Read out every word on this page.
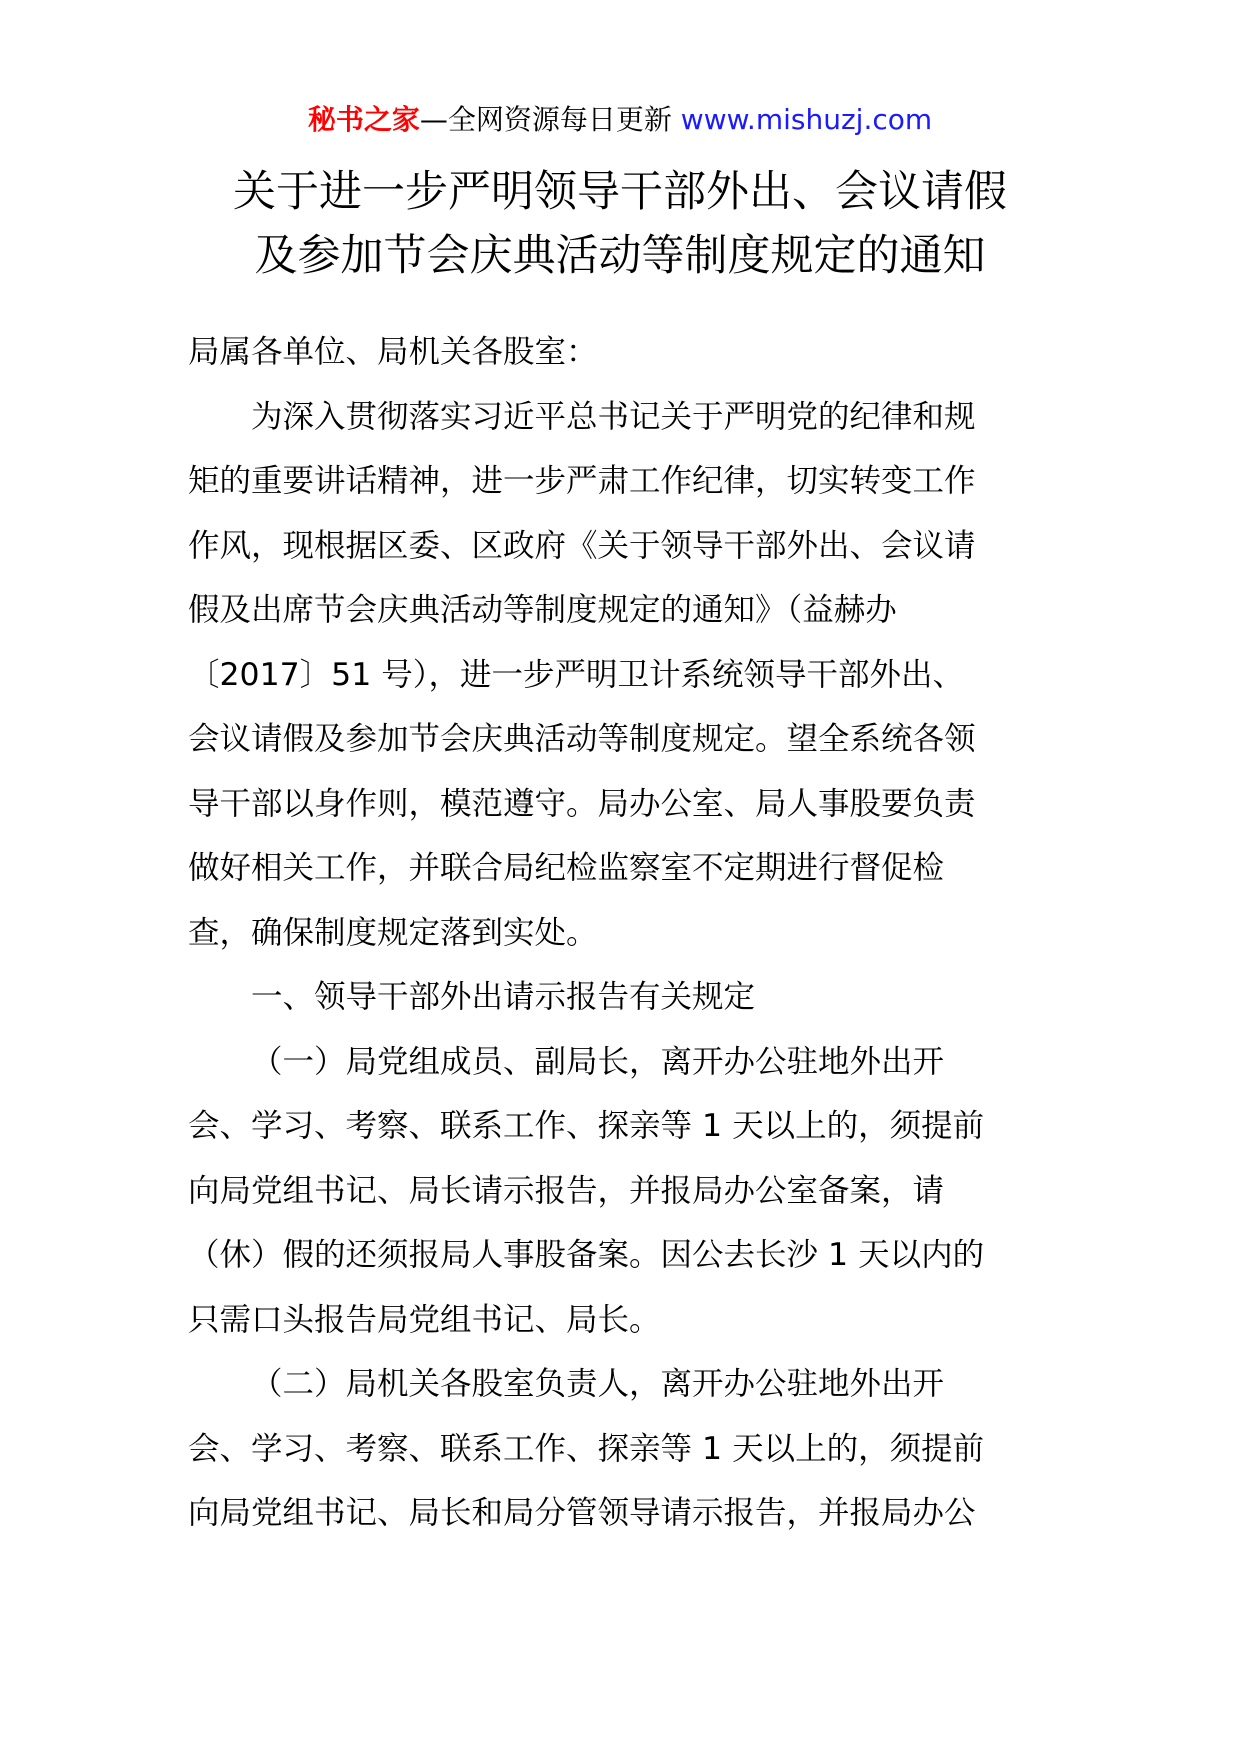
秘书之家—全网资源每日更新 www.mishuzj.com
关于进一步严明领导干部外出、会议请假
及参加节会庆典活动等制度规定的通知
局属各单位、局机关各股室：
为深入贯彻落实习近平总书记关于严明党的纪律和规
矩的重要讲话精神，进一步严肃工作纪律，切实转变工作
作风，现根据区委、区政府《关于领导干部外出、会议请
假及出席节会庆典活动等制度规定的通知》（益赫办
〔2017〕51 号），进一步严明卫计系统领导干部外出、
会议请假及参加节会庆典活动等制度规定。望全系统各领
导干部以身作则，模范遵守。局办公室、局人事股要负责
做好相关工作，并联合局纪检监察室不定期进行督促检
查，确保制度规定落到实处。
一、领导干部外出请示报告有关规定
（一）局党组成员、副局长，离开办公驻地外出开
会、学习、考察、联系工作、探亲等 1 天以上的，须提前
向局党组书记、局长请示报告，并报局办公室备案，请
（休）假的还须报局人事股备案。因公去长沙 1 天以内的
只需口头报告局党组书记、局长。
（二）局机关各股室负责人，离开办公驻地外出开
会、学习、考察、联系工作、探亲等 1 天以上的，须提前
向局党组书记、局长和局分管领导请示报告，并报局办公
